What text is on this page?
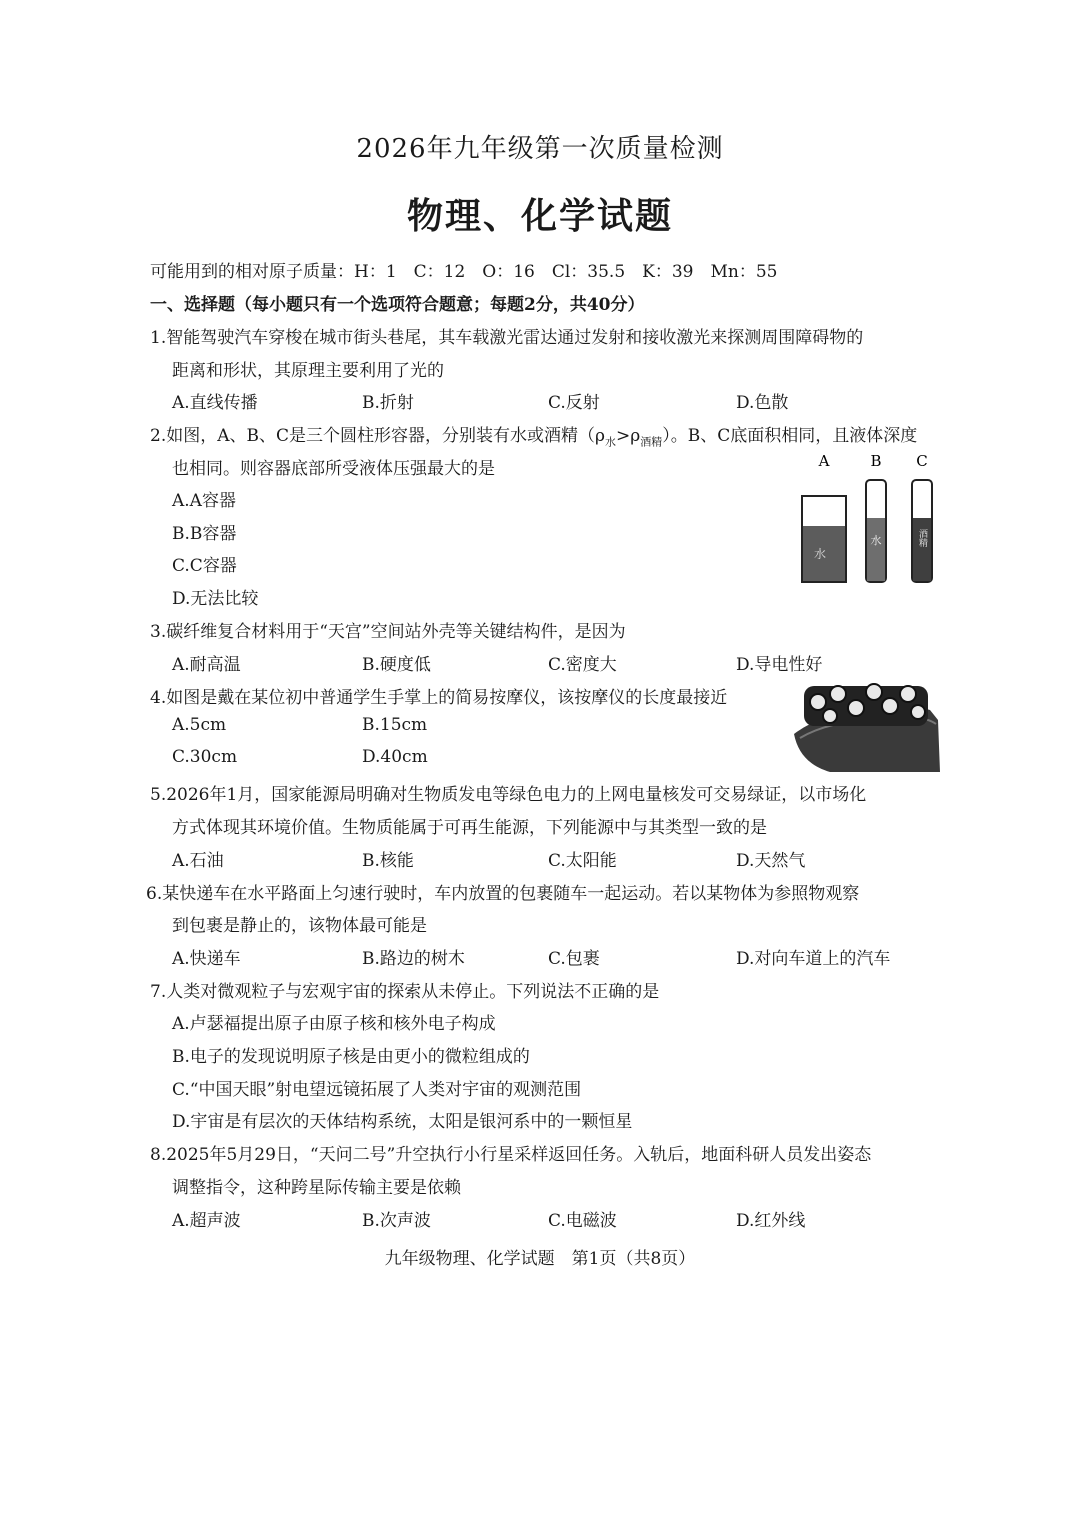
2026年九年级第一次质量检测
物理、化学试题
可能用到的相对原子质量：H：1　C：12　O：16　Cl：35.5　K：39　Mn：55
一、选择题（每小题只有一个选项符合题意；每题2分，共40分）
1.智能驾驶汽车穿梭在城市街头巷尾，其车载激光雷达通过发射和接收激光来探测周围障碍物的
距离和形状，其原理主要利用了光的
A.直线传播	B.折射	C.反射	D.色散
2.如图，A、B、C是三个圆柱形容器，分别装有水或酒精$(\rho_水>\rho_{酒精})$。B、C底面积相同，且液体深度
也相同。则容器底部所受液体压强最大的是
A.A容器
B.B容器
C.C容器
D.无法比较
A	B C
水
水	酒精
3.碳纤维复合材料用于“天宫”空间站外壳等关键结构件，是因为
A.耐高温	B.硬度低	C.密度大	D.导电性好
4.如图是戴在某位初中普通学生手掌上的简易按摩仪，该按摩仪的长度最接近
A.5cm	B.15cm
C.30cm	D.40cm
5.2026年1月，国家能源局明确对生物质发电等绿色电力的上网电量核发可交易绿证，以市场化
方式体现其环境价值。生物质能属于可再生能源，下列能源中与其类型一致的是
A.石油	B.核能	C.太阳能	D.天然气
6.某快递车在水平路面上匀速行驶时，车内放置的包裹随车一起运动。若以某物体为参照物观察
到包裹是静止的，该物体最可能是
A.快递车	B.路边的树木	C.包裹	D.对向车道上的汽车
7.人类对微观粒子与宏观宇宙的探索从未停止。下列说法不正确的是
A.卢瑟福提出原子由原子核和核外电子构成
B.电子的发现说明原子核是由更小的微粒组成的
C.“中国天眼”射电望远镜拓展了人类对宇宙的观测范围
D.宇宙是有层次的天体结构系统，太阳是银河系中的一颗恒星
8.2025年5月29日，“天问二号”升空执行小行星采样返回任务。入轨后，地面科研人员发出姿态
调整指令，这种跨星际传输主要是依赖
A.超声波	B.次声波	C.电磁波	D.红外线
九年级物理、化学试题　第1页（共8页）
